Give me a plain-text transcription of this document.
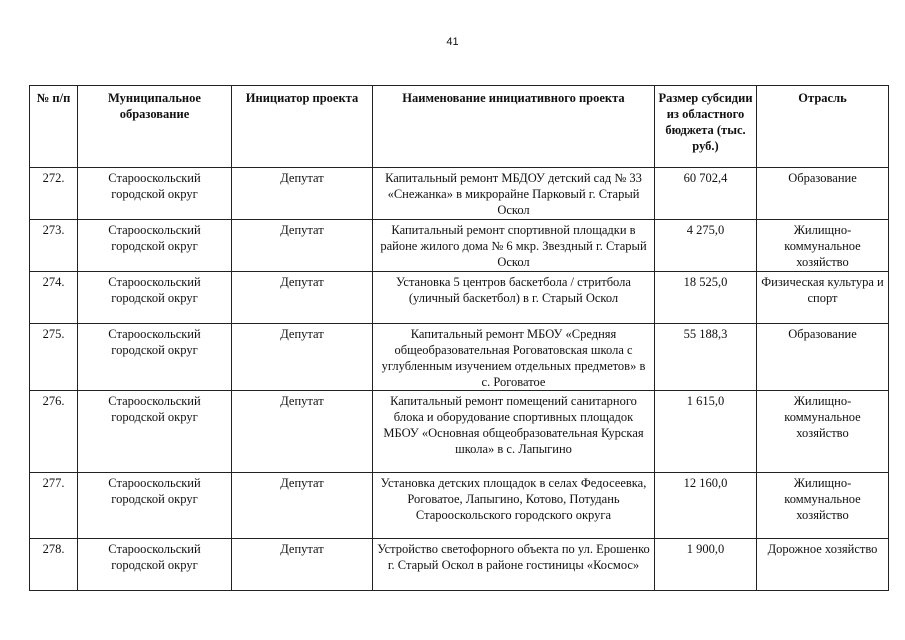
41
№ п/п	Муниципальное образование	Инициатор проекта	Наименование инициативного проекта	Размер субсидии из областного бюджета (тыс. руб.)	Отрасль
272.	Старооскольский городской округ	Депутат	Капитальный ремонт МБДОУ детский сад № 33 «Снежанка» в микрорайне Парковый г. Старый Оскол	60 702,4	Образование
273.	Старооскольский городской округ	Депутат	Капитальный ремонт спортивной площадки в районе жилого дома № 6 мкр. Звездный г. Старый Оскол	4 275,0	Жилищно-коммунальное хозяйство
274.	Старооскольский городской округ	Депутат	Установка 5 центров баскетбола / стритбола (уличный баскетбол) в г. Старый Оскол	18 525,0	Физическая культура и спорт
275.	Старооскольский городской округ	Депутат	Капитальный ремонт МБОУ «Средняя общеобразовательная Роговатовская школа с углубленным изучением отдельных предметов» в с. Роговатое	55 188,3	Образование
276.	Старооскольский городской округ	Депутат	Капитальный ремонт помещений санитарного блока и оборудование спортивных площадок МБОУ «Основная общеобразовательная Курская школа» в с. Лапыгино	1 615,0	Жилищно-коммунальное хозяйство
277.	Старооскольский городской округ	Депутат	Установка детских площадок в селах Федосеевка, Роговатое, Лапыгино, Котово, Потудань Старооскольского городского округа	12 160,0	Жилищно-коммунальное хозяйство
278.	Старооскольский городской округ	Депутат	Устройство светофорного объекта по ул. Ерошенко г. Старый Оскол в районе гостиницы «Космос»	1 900,0	Дорожное хозяйство
